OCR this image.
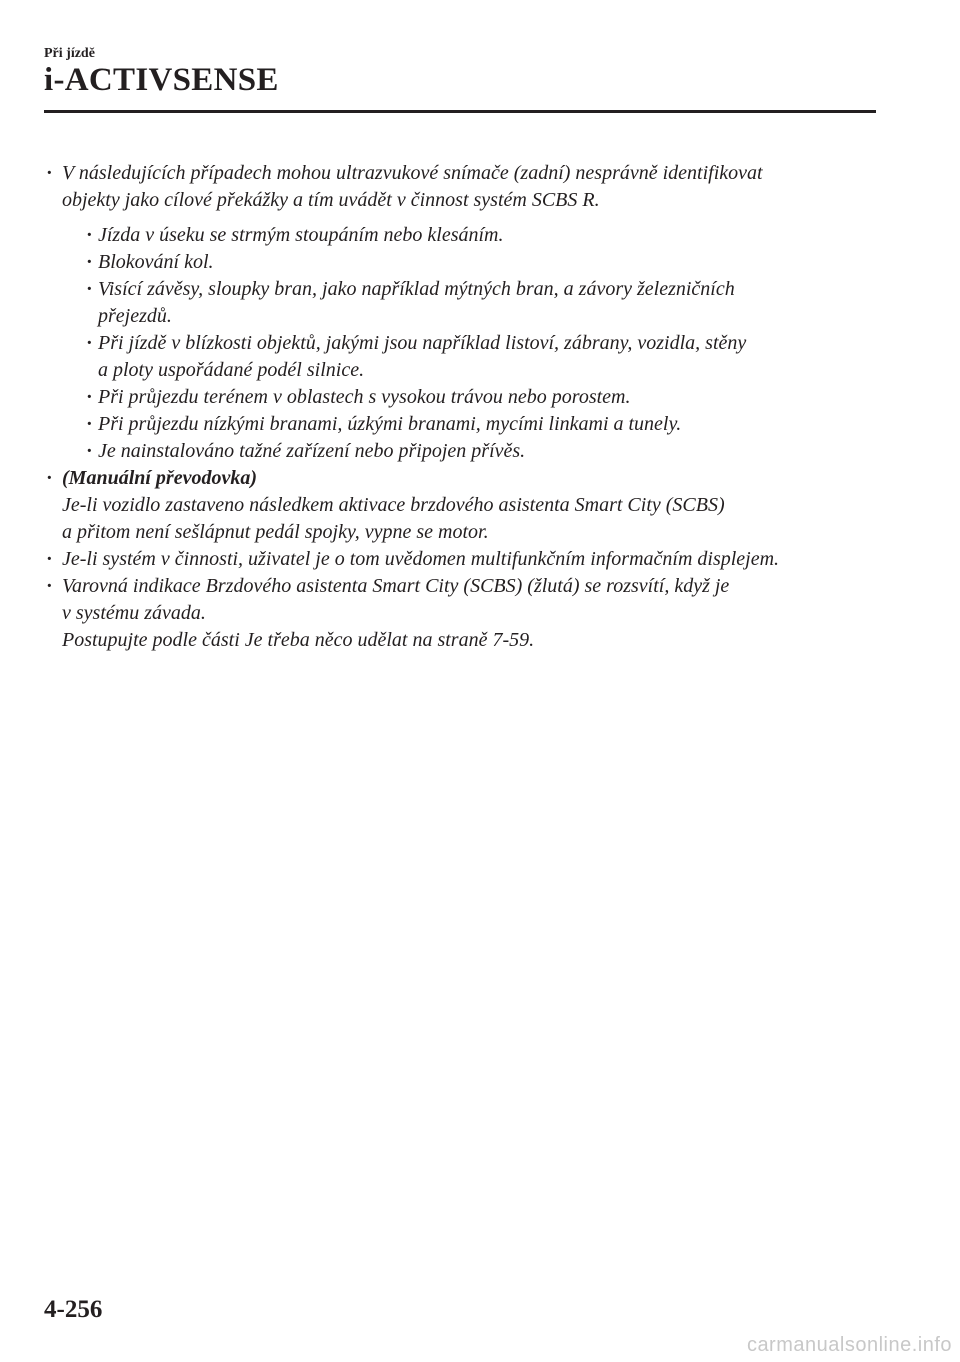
Při jízdě
i-ACTIVSENSE
· V následujících případech mohou ultrazvukové snímače (zadní) nesprávně identifikovat
objekty jako cílové překážky a tím uvádět v činnost systém SCBS R.
· Jízda v úseku se strmým stoupáním nebo klesáním.
· Blokování kol.
· Visící závěsy, sloupky bran, jako například mýtných bran, a závory železničních
přejezdů.
· Při jízdě v blízkosti objektů, jakými jsou například listoví, zábrany, vozidla, stěny
a ploty uspořádané podél silnice.
· Při průjezdu terénem v oblastech s vysokou trávou nebo porostem.
· Při průjezdu nízkými branami, úzkými branami, mycími linkami a tunely.
· Je nainstalováno tažné zařízení nebo připojen přívěs.
· (Manuální převodovka)
Je-li vozidlo zastaveno následkem aktivace brzdového asistenta Smart City (SCBS)
a přitom není sešlápnut pedál spojky, vypne se motor.
· Je-li systém v činnosti, uživatel je o tom uvědomen multifunkčním informačním displejem.
· Varovná indikace Brzdového asistenta Smart City (SCBS) (žlutá) se rozsvítí, když je
v systému závada.
Postupujte podle části Je třeba něco udělat na straně 7-59.
4-256
carmanualsonline.info
